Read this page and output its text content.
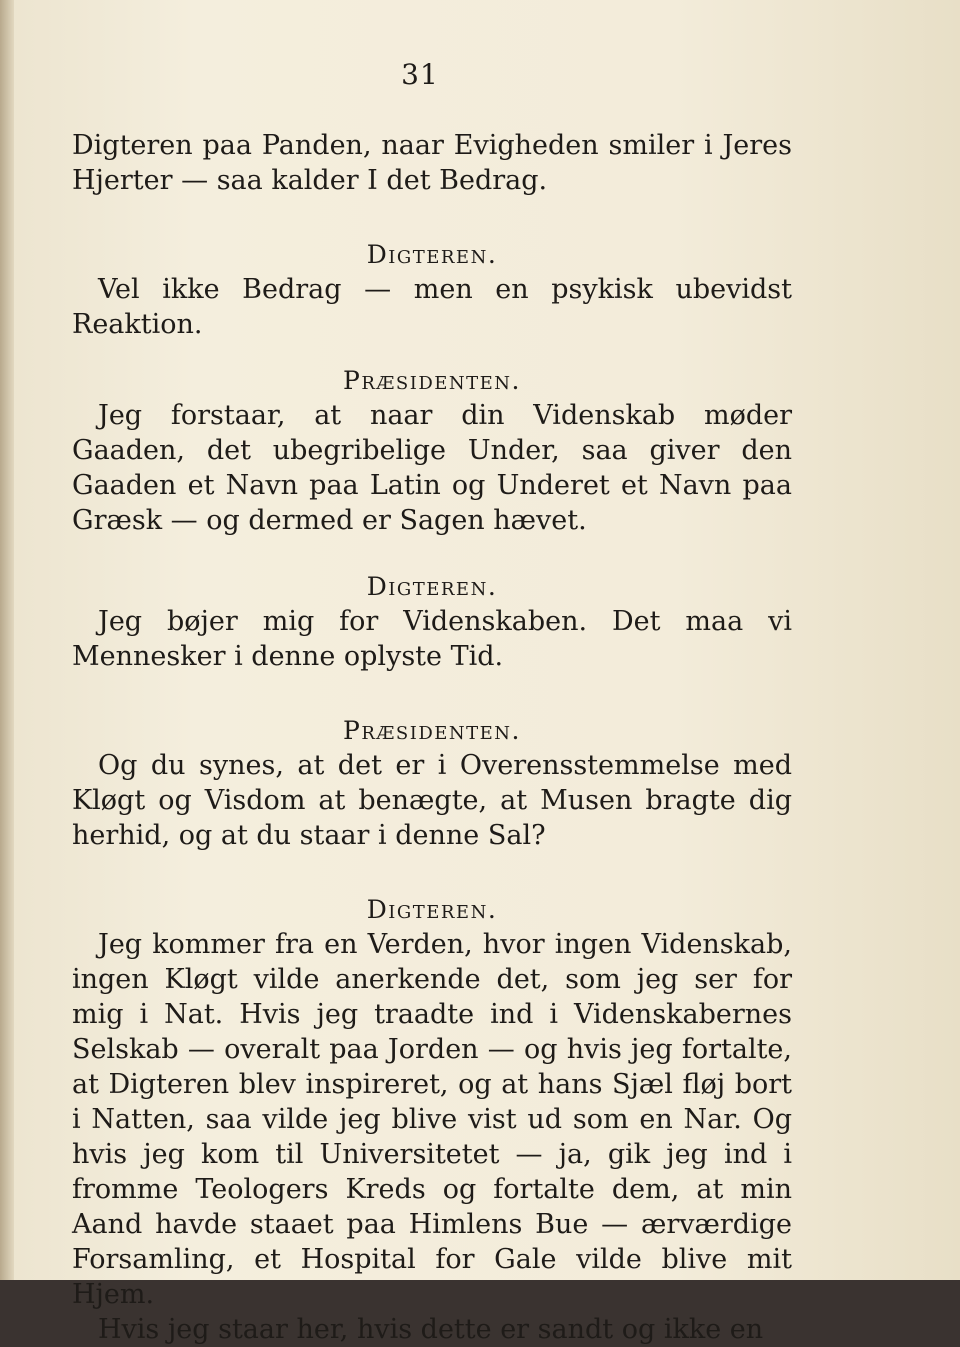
31

Digteren paa Panden, naar Evigheden smiler i Jeres Hjerter — saa kalder I det Bedrag.

Digteren.

Vel ikke Bedrag — men en psykisk ubevidst Reaktion.

Præsidenten.

Jeg forstaar, at naar din Videnskab møder Gaaden, det ubegribelige Under, saa giver den Gaaden et Navn paa Latin og Underet et Navn paa Græsk — og dermed er Sagen hævet.

Digteren.

Jeg bøjer mig for Videnskaben. Det maa vi Mennesker i denne oplyste Tid.

Præsidenten.

Og du synes, at det er i Overensstemmelse med Kløgt og Visdom at benægte, at Musen bragte dig herhid, og at du staar i denne Sal?

Digteren.

Jeg kommer fra en Verden, hvor ingen Videnskab, ingen Kløgt vilde anerkende det, som jeg ser for mig i Nat. Hvis jeg traadte ind i Videnskabernes Selskab — overalt paa Jorden — og hvis jeg fortalte, at Digteren blev inspireret, og at hans Sjæl fløj bort i Natten, saa vilde jeg blive vist ud som en Nar. Og hvis jeg kom til Universitetet — ja, gik jeg ind i fromme Teologers Kreds og fortalte dem, at min Aand havde staaet paa Himlens Bue — ærværdige Forsamling, et Hospital for Gale vilde blive mit Hjem.

Hvis jeg staar her, hvis dette er sandt og ikke en
